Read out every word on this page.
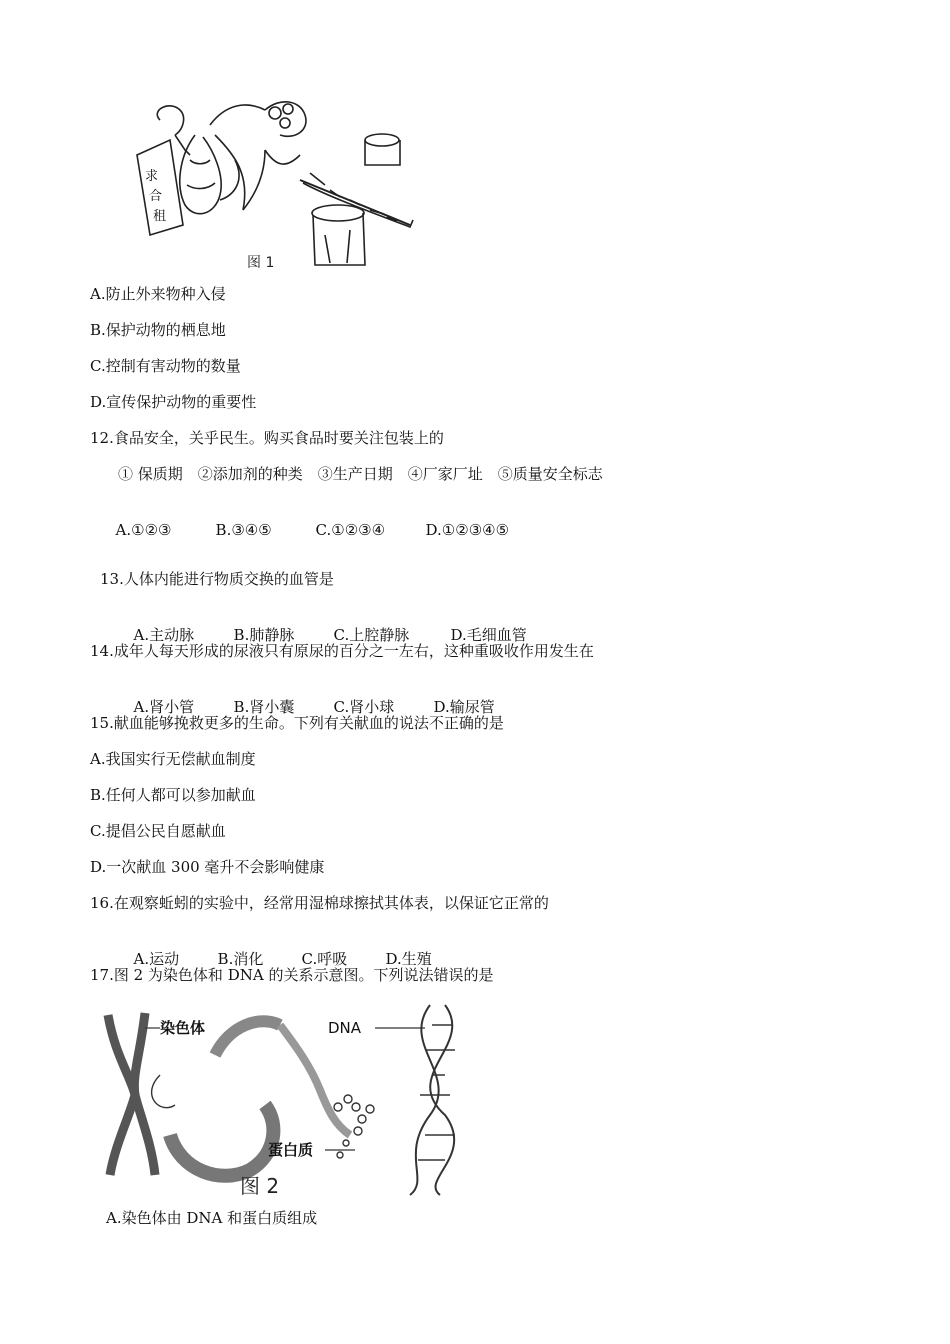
求
合
租
图 1
A.防止外来物种入侵
B.保护动物的栖息地
C.控制有害动物的数量
D.宣传保护动物的重要性
12.食品安全，关乎民生。购买食品时要关注包装上的
① 保质期　②添加剂的种类　③生产日期　④厂家厂址　⑤质量安全标志

A.①②③	B.③④⑤	C.①②③④	D.①②③④⑤

13.人体内能进行物质交换的血管是

A.主动脉	B.肺静脉	C.上腔静脉	D.毛细血管

14.成年人每天形成的尿液只有原尿的百分之一左右，这种重吸收作用发生在

A.肾小管	B.肾小囊	C.肾小球	D.输尿管

15.献血能够挽救更多的生命。下列有关献血的说法不正确的是
A.我国实行无偿献血制度
B.任何人都可以参加献血
C.提倡公民自愿献血
D.一次献血 300 毫升不会影响健康
16.在观察蚯蚓的实验中，经常用湿棉球擦拭其体表，以保证它正常的

A.运动	B.消化	C.呼吸	D.生殖

17.图 2 为染色体和 DNA 的关系示意图。下列说法错误的是
染色体	DNA
蛋白质
图 2
A.染色体由 DNA 和蛋白质组成
